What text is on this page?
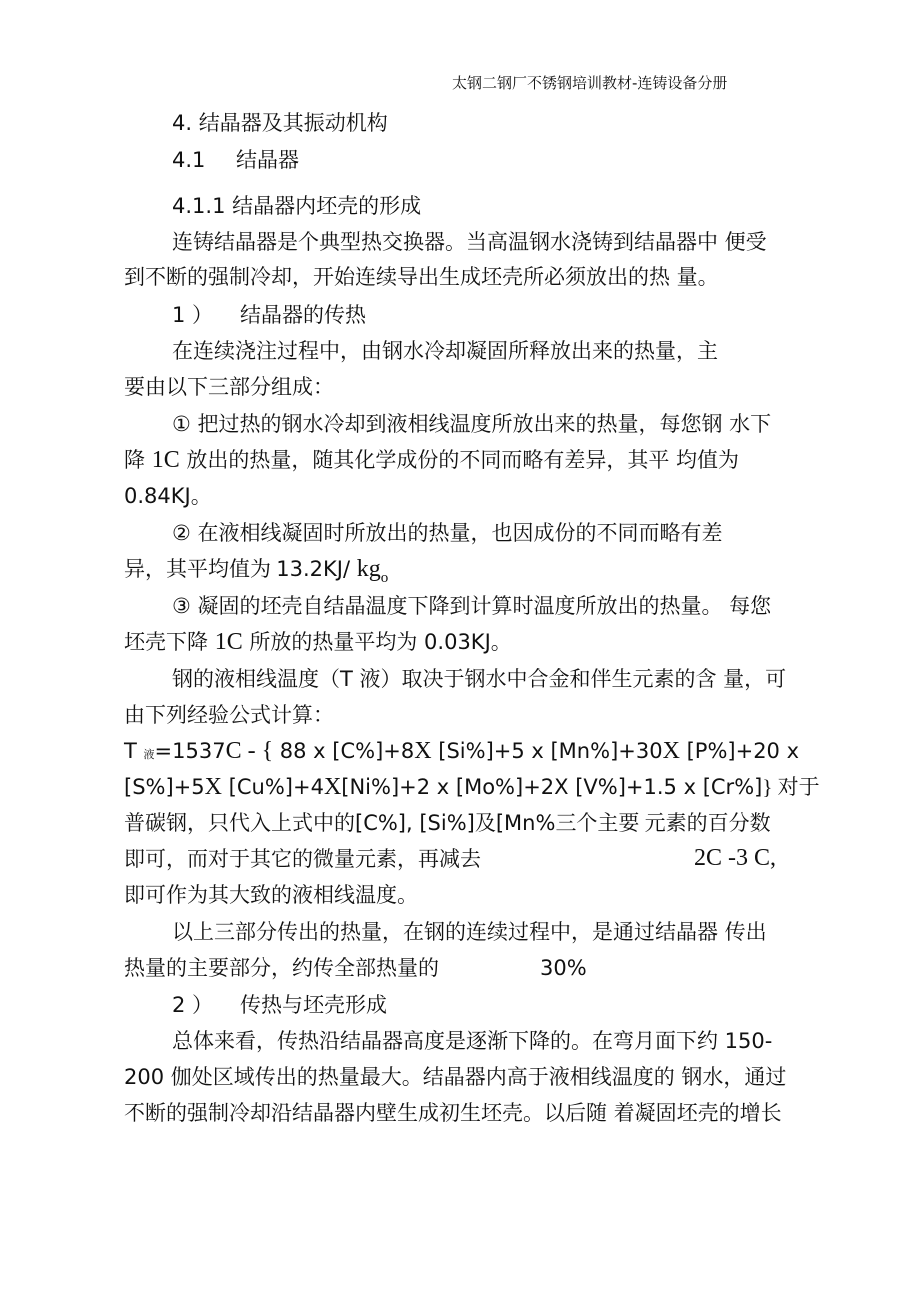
太钢二钢厂不锈钢培训教材-连铸设备分册
4. 结晶器及其振动机构
4.1 结晶器
4.1.1 结晶器内坯壳的形成
连铸结晶器是个典型热交换器。当高温钢水浇铸到结晶器中 便受
到不断的强制冷却，开始连续导出生成坯壳所必须放出的热 量。
1 ） 结晶器的传热
在连续浇注过程中，由钢水冷却凝固所释放出来的热量，主
要由以下三部分组成：
① 把过热的钢水冷却到液相线温度所放出来的热量，每您钢 水下
降 1C 放出的热量，随其化学成份的不同而略有差异，其平 均值为
0.84KJ。
② 在液相线凝固时所放出的热量，也因成份的不同而略有差
异，其平均值为 13.2KJ/ $kg_o$
③ 凝固的坯壳自结晶温度下降到计算时温度所放出的热量。 每您
坯壳下降 1C 所放的热量平均为 0.03KJ。
钢的液相线温度（T 液）取决于钢水中合金和伴生元素的含 量，可
由下列经验公式计算：
T 液=1537C - { 88 x [C%]+8X [Si%]+5 x [Mn%]+30X [P%]+20 x
[S%]+5X [Cu%]+4X[Ni%]+2 x [Mo%]+2X [V%]+1.5 x [Cr%]} 对于
普碳钢，只代入上式中的[C%], [Si%]及[Mn%三个主要 元素的百分数
即可，而对于其它的微量元素，再减去	2C -3 C,
即可作为其大致的液相线温度。
以上三部分传出的热量，在钢的连续过程中，是通过结晶器 传出
热量的主要部分，约传全部热量的	30%
2 ） 传热与坯壳形成
总体来看，传热沿结晶器高度是逐渐下降的。在弯月面下约 150-
200 伽处区域传出的热量最大。结晶器内高于液相线温度的 钢水，通过
不断的强制冷却沿结晶器内壁生成初生坯壳。以后随 着凝固坯壳的增长
